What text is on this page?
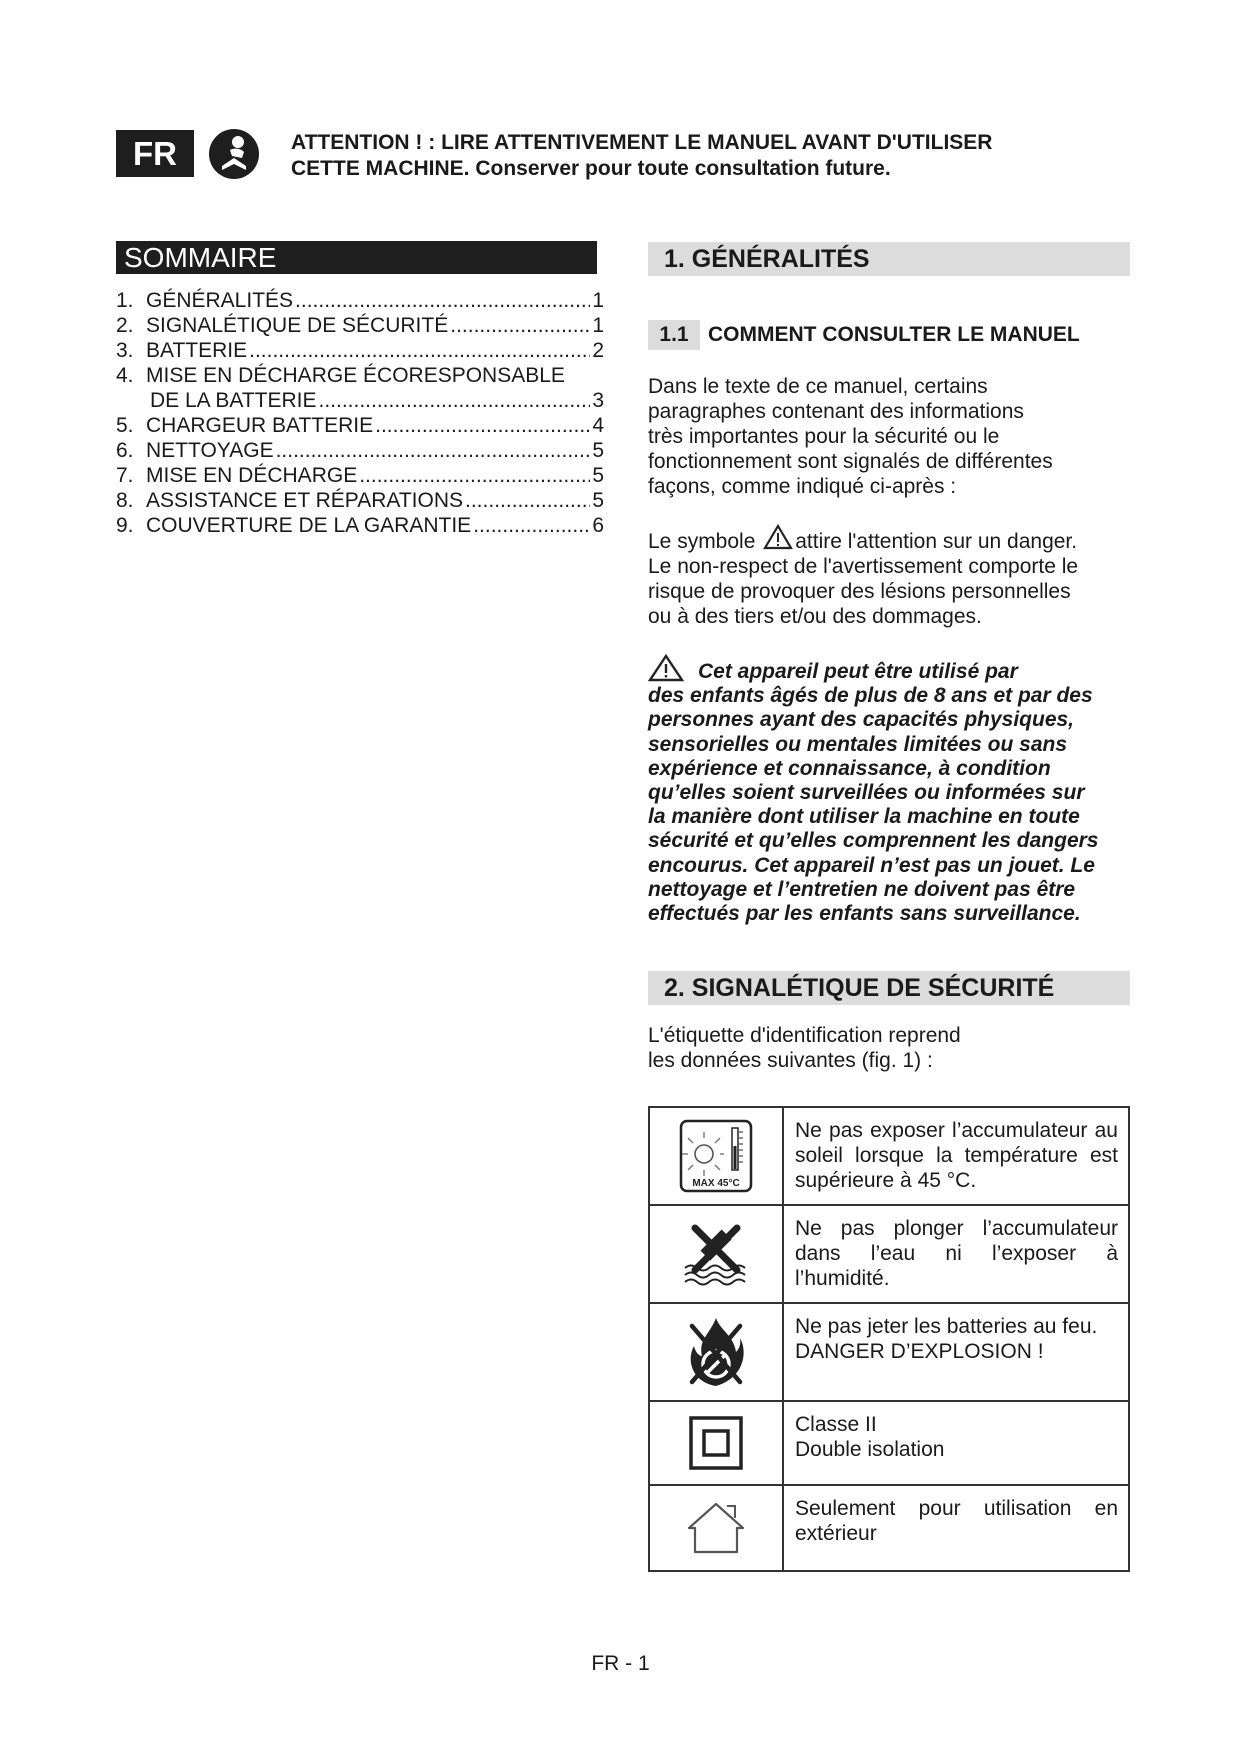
FR	ATTENTION ! : LIRE ATTENTIVEMENT LE MANUEL AVANT D'UTILISER
CETTE MACHINE. Conserver pour toute consultation future.
SOMMAIRE
1. GÉNÉRALITÉS .....	1
2. SIGNALÉTIQUE DE SÉCURITÉ .....	1
3. BATTERIE .....	2
4. MISE EN DÉCHARGE ÉCORESPONSABLE
DE LA BATTERIE .....	3
5. CHARGEUR BATTERIE .....	4
6. NETTOYAGE .....	5
7. MISE EN DÉCHARGE .....	5
8. ASSISTANCE ET RÉPARATIONS .....	5
9. COUVERTURE DE LA GARANTIE .....	6
1. GÉNÉRALITÉS
1.1 COMMENT CONSULTER LE MANUEL
Dans le texte de ce manuel, certains
paragraphes contenant des informations
très importantes pour la sécurité ou le
fonctionnement sont signalés de différentes
façons, comme indiqué ci-après :
Le symbole attire l'attention sur un danger.
Le non-respect de l'avertissement comporte le
risque de provoquer des lésions personnelles
ou à des tiers et/ou des dommages.
Cet appareil peut être utilisé par
des enfants âgés de plus de 8 ans et par des
personnes ayant des capacités physiques,
sensorielles ou mentales limitées ou sans
expérience et connaissance, à condition
qu’elles soient surveillées ou informées sur
la manière dont utiliser la machine en toute
sécurité et qu’elles comprennent les dangers
encourus. Cet appareil n’est pas un jouet. Le
nettoyage et l’entretien ne doivent pas être
effectués par les enfants sans surveillance.
2. SIGNALÉTIQUE DE SÉCURITÉ
L'étiquette d'identification reprend
les données suivantes (fig. 1) :
MAX 45°C	Ne pas exposer l’accumulateur au soleil lorsque la température est supérieure à 45 °C.

	Ne pas plonger l’accumulateur dans l’eau ni l’exposer à l’humidité.

Ne pas jeter les batteries au feu.
DANGER D’EXPLOSION !

Classe II
Double isolation

	Seulement pour utilisation en extérieur
FR - 1
